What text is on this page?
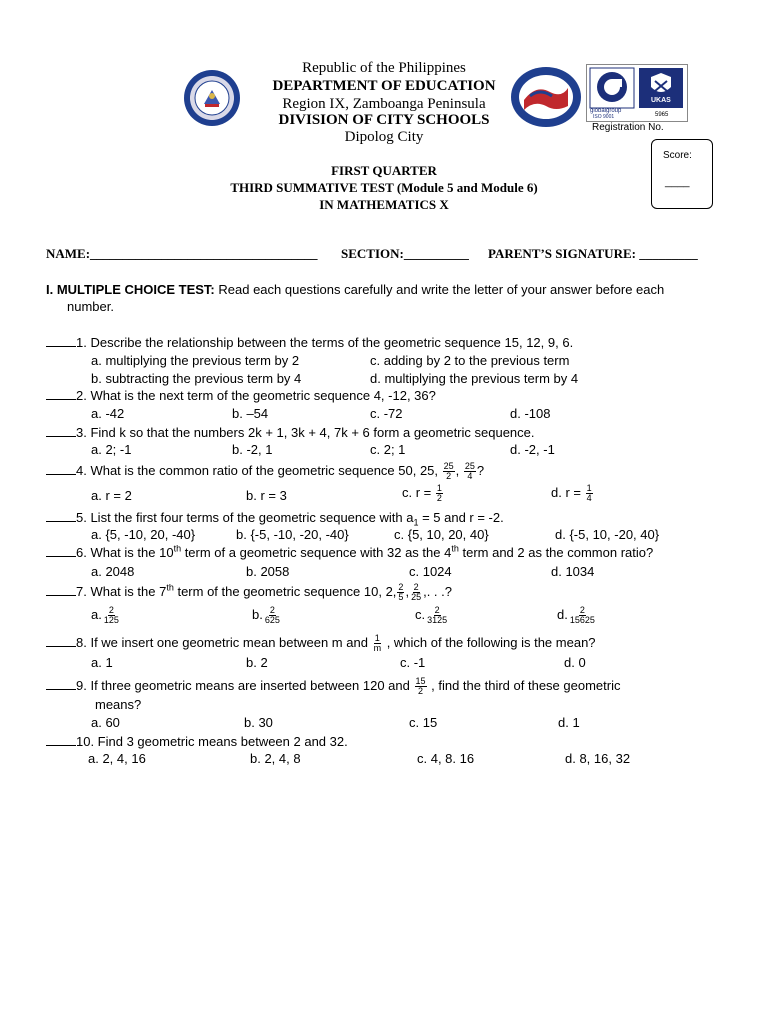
globalgroup
ISO 9001
UKAS
5965
Registration No.
Republic of the Philippines
DEPARTMENT OF EDUCATION
Region IX, Zamboanga Peninsula
DIVISION OF CITY SCHOOLS
Dipolog City
Score:
____
FIRST QUARTER
THIRD SUMMATIVE TEST (Module 5 and Module 6)
IN MATHEMATICS X
NAME:___________________________________ SECTION:__________ PARENT’S SIGNATURE: _________
I. MULTIPLE CHOICE TEST: Read each questions carefully and write the letter of your answer before each
number.
1. Describe the relationship between the terms of the geometric sequence 15, 12, 9, 6.
a. multiplying the previous term by 2	c. adding by 2 to the previous term
b. subtracting the previous term by 4	d. multiplying the previous term by 4
2. What is the next term of the geometric sequence 4, -12, 36?
a. -42	b. –54	c. -72	d. -108
3. Find k so that the numbers 2k + 1, 3k + 4, 7k + 6 form a geometric sequence.
a. 2; -1	b. -2, 1	c. 2; 1	d. -2, -1
4. What is the common ratio of the geometric sequence 50, 25, $\frac{25}{2}$ , $\frac{25}{4}$ ?
a. r = 2	b. r = 3	c. $r = \frac{1}{2}$	d. $r = \frac{1}{4}$
5. List the first four terms of the geometric sequence with $a_1 = 5$ and r = -2.
a. {5, -10, 20, -40}	b. {-5, -10, -20, -40}	c. {5, 10, 20, 40}	d. {-5, 10, -20, 40}
6. What is the 10th term of a geometric sequence with 32 as the 4th term and 2 as the common ratio?
a. 2048	b. 2058	c. 1024	d. 1034
7. What is the 7th term of the geometric sequence 10, 2, $\frac{2}{5}$ , $\frac{2}{25}$ ,. . .?
a. $\frac{2}{125}$	b. $\frac{2}{625}$	c. $\frac{2}{3125}$	d. $\frac{2}{15625}$
8. If we insert one geometric mean between m and $\frac{1}{m}$ , which of the following is the mean?
a. 1	b. 2	c. -1	d. 0
9. If three geometric means are inserted between 120 and $\frac{15}{2}$ , find the third of these geometric
means?
a. 60	b. 30	c. 15	d. 1
10. Find 3 geometric means between 2 and 32.
a. 2, 4, 16	b. 2, 4, 8	c. 4, 8. 16	d. 8, 16, 32
